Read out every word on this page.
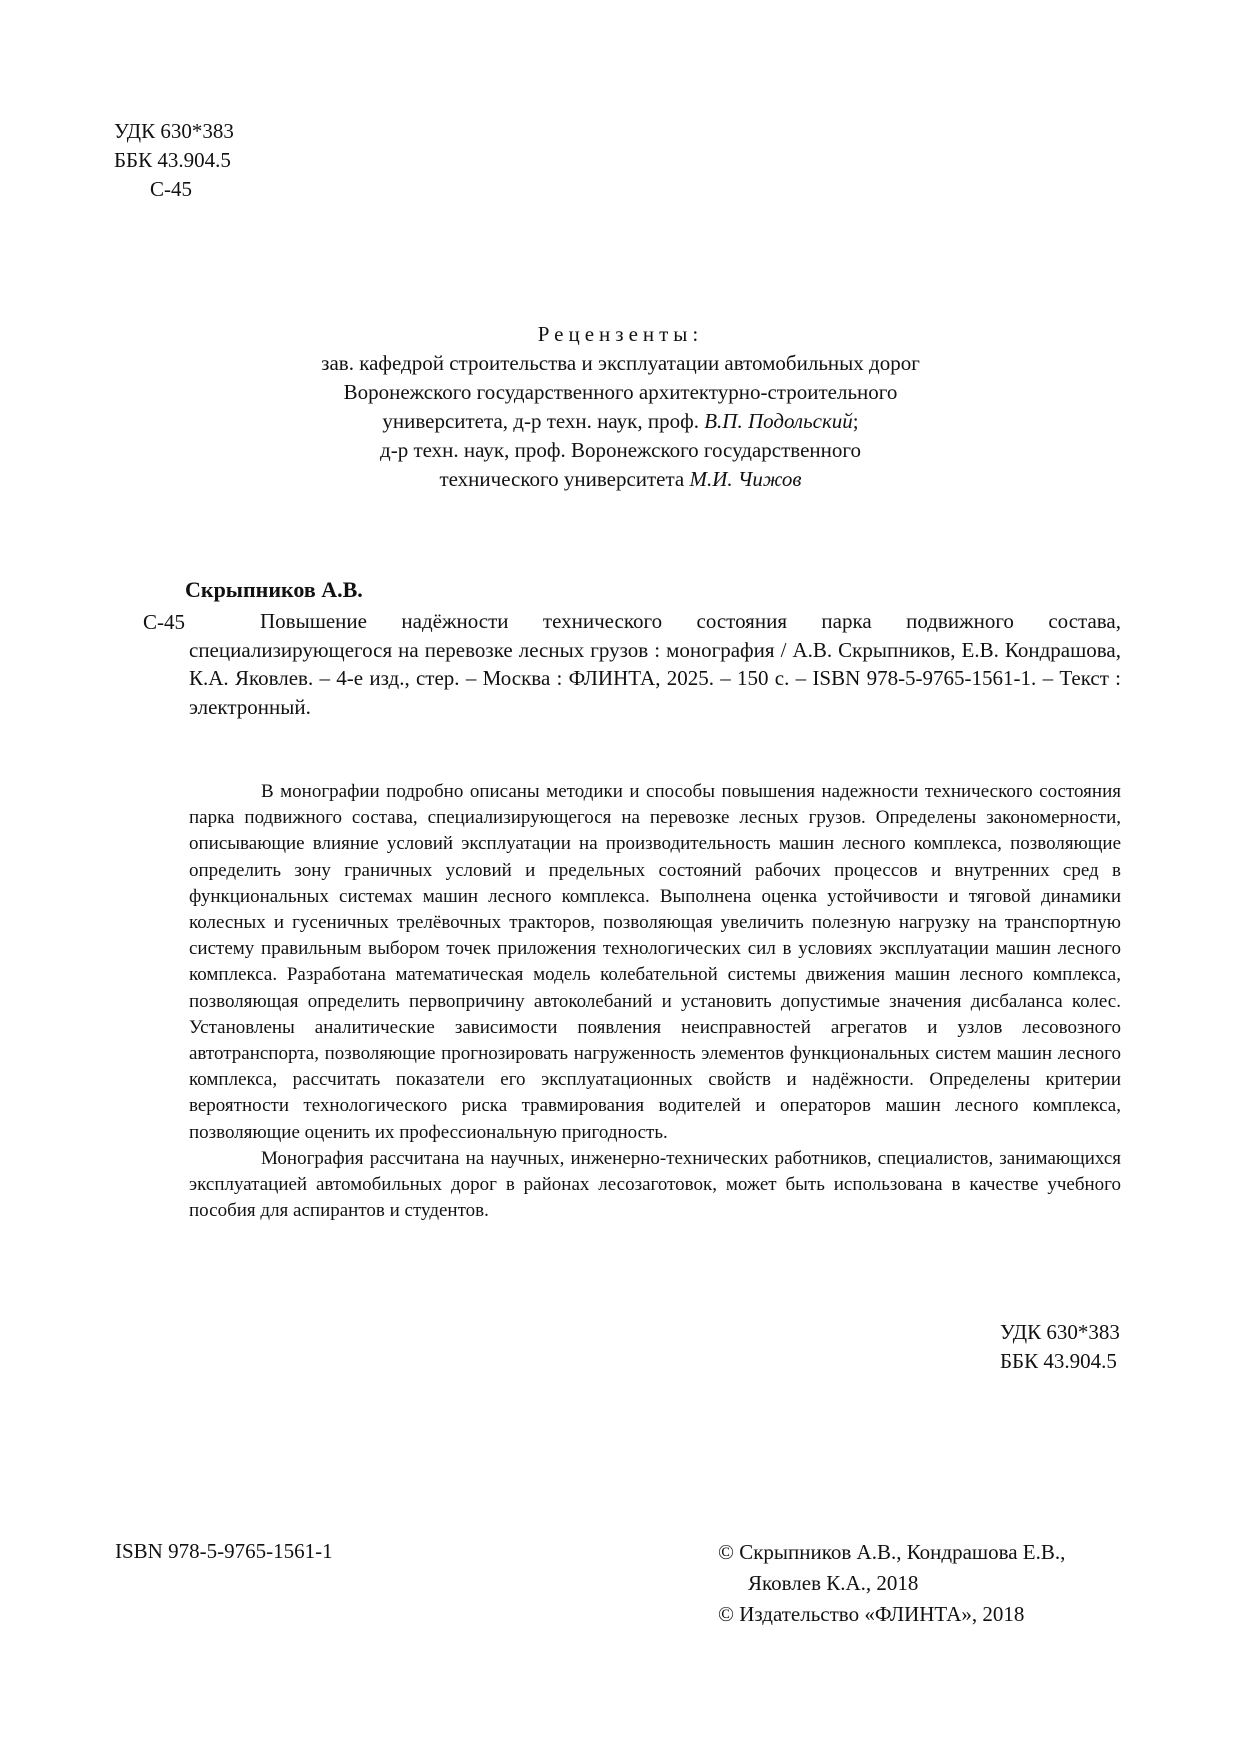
УДК 630*383
ББК 43.904.5
С-45
Рецензенты:
зав. кафедрой строительства и эксплуатации автомобильных дорог
Воронежского государственного архитектурно-строительного
университета, д-р техн. наук, проф. В.П. Подольский;
д-р техн. наук, проф. Воронежского государственного
технического университета М.И. Чижов
Скрыпников А.В.
С-45	Повышение надёжности технического состояния парка подвижного состава, специализирующегося на перевозке лесных грузов : монография / А.В. Скрыпников, Е.В. Кондрашова, К.А. Яковлев. – 4-е изд., стер. – Москва : ФЛИНТА, 2025. – 150 с. – ISBN 978-5-9765-1561-1. – Текст : электронный.

В монографии подробно описаны методики и способы повышения надежности технического состояния парка подвижного состава, специализирующегося на перевозке лесных грузов. Определены закономерности, описывающие влияние условий эксплуатации на производительность машин лесного комплекса, позволяющие определить зону граничных условий и предельных состояний рабочих процессов и внутренних сред в функциональных системах машин лесного комплекса. Выполнена оценка устойчивости и тяговой динамики колесных и гусеничных трелёвочных тракторов, позволяющая увеличить полезную нагрузку на транспортную систему правильным выбором точек приложения технологических сил в условиях эксплуатации машин лесного комплекса. Разработана математическая модель колебательной системы движения машин лесного комплекса, позволяющая определить первопричину автоколебаний и установить допустимые значения дисбаланса колес. Установлены аналитические зависимости появления неисправностей агрегатов и узлов лесовозного автотранспорта, позволяющие прогнозировать нагруженность элементов функциональных систем машин лесного комплекса, рассчитать показатели его эксплуатационных свойств и надёжности. Определены критерии вероятности технологического риска травмирования водителей и операторов машин лесного комплекса, позволяющие оценить их профессиональную пригодность.

Монография рассчитана на научных, инженерно-технических работников, специалистов, занимающихся эксплуатацией автомобильных дорог в районах лесозаготовок, может быть использована в качестве учебного пособия для аспирантов и студентов.

УДК 630*383
ББК 43.904.5
ISBN 978-5-9765-1561-1	© Скрыпников А.В., Кондрашова Е.В.,
Яковлев К.А., 2018
© Издательство «ФЛИНТА», 2018
